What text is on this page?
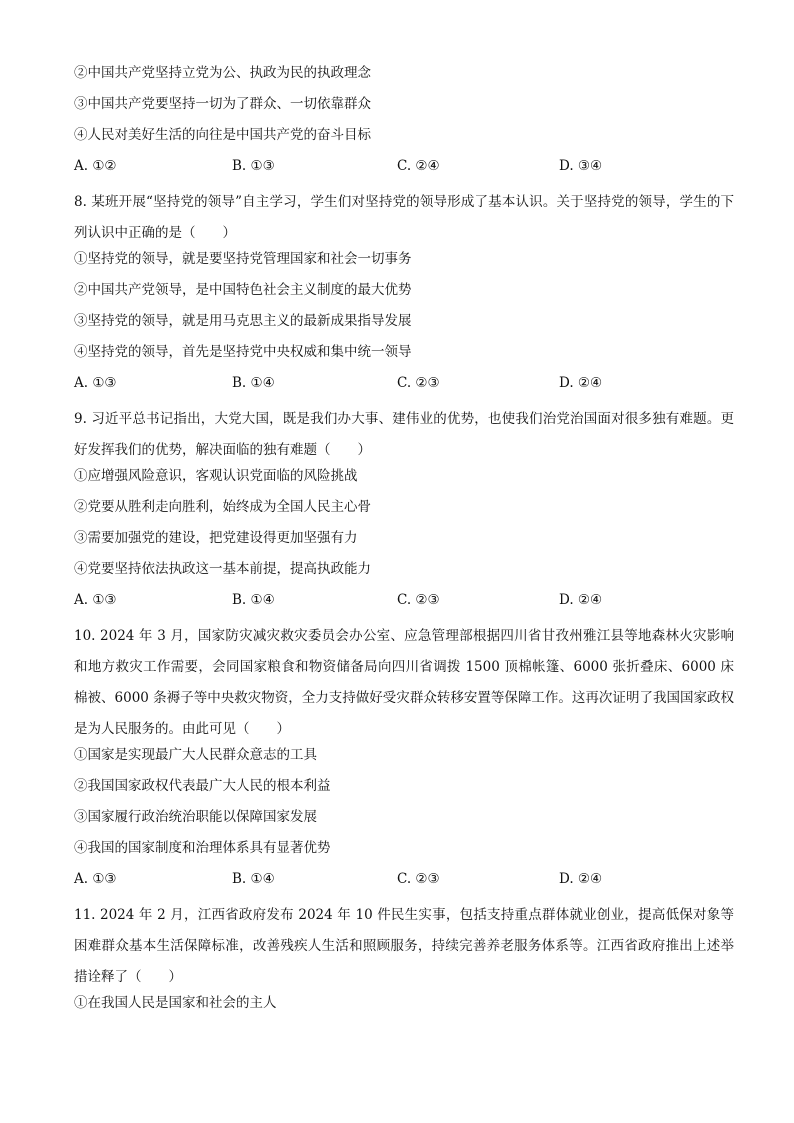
②中国共产党坚持立党为公、执政为民的执政理念
③中国共产党要坚持一切为了群众、一切依靠群众
④人民对美好生活的向往是中国共产党的奋斗目标
A. ①②	B. ①③	C. ②④	D. ③④
8. 某班开展“坚持党的领导”自主学习，学生们对坚持党的领导形成了基本认识。关于坚持党的领导，学生的下列认识中正确的是（　　）
①坚持党的领导，就是要坚持党管理国家和社会一切事务
②中国共产党领导，是中国特色社会主义制度的最大优势
③坚持党的领导，就是用马克思主义的最新成果指导发展
④坚持党的领导，首先是坚持党中央权威和集中统一领导
A. ①③	B. ①④	C. ②③	D. ②④
9. 习近平总书记指出，大党大国，既是我们办大事、建伟业的优势，也使我们治党治国面对很多独有难题。更好发挥我们的优势，解决面临的独有难题（　　）
①应增强风险意识，客观认识党面临的风险挑战
②党要从胜利走向胜利，始终成为全国人民主心骨
③需要加强党的建设，把党建设得更加坚强有力
④党要坚持依法执政这一基本前提，提高执政能力
A. ①③	B. ①④	C. ②③	D. ②④
10. 2024 年 3 月，国家防灾减灾救灾委员会办公室、应急管理部根据四川省甘孜州雅江县等地森林火灾影响和地方救灾工作需要，会同国家粮食和物资储备局向四川省调拨 1500 顶棉帐篷、6000 张折叠床、6000 床棉被、6000 条褥子等中央救灾物资，全力支持做好受灾群众转移安置等保障工作。这再次证明了我国国家政权是为人民服务的。由此可见（　　）
①国家是实现最广大人民群众意志的工具
②我国国家政权代表最广大人民的根本利益
③国家履行政治统治职能以保障国家发展
④我国的国家制度和治理体系具有显著优势
A. ①③	B. ①④	C. ②③	D. ②④
11. 2024 年 2 月，江西省政府发布 2024 年 10 件民生实事，包括支持重点群体就业创业，提高低保对象等困难群众基本生活保障标准，改善残疾人生活和照顾服务，持续完善养老服务体系等。江西省政府推出上述举措诠释了（　　）
①在我国人民是国家和社会的主人
